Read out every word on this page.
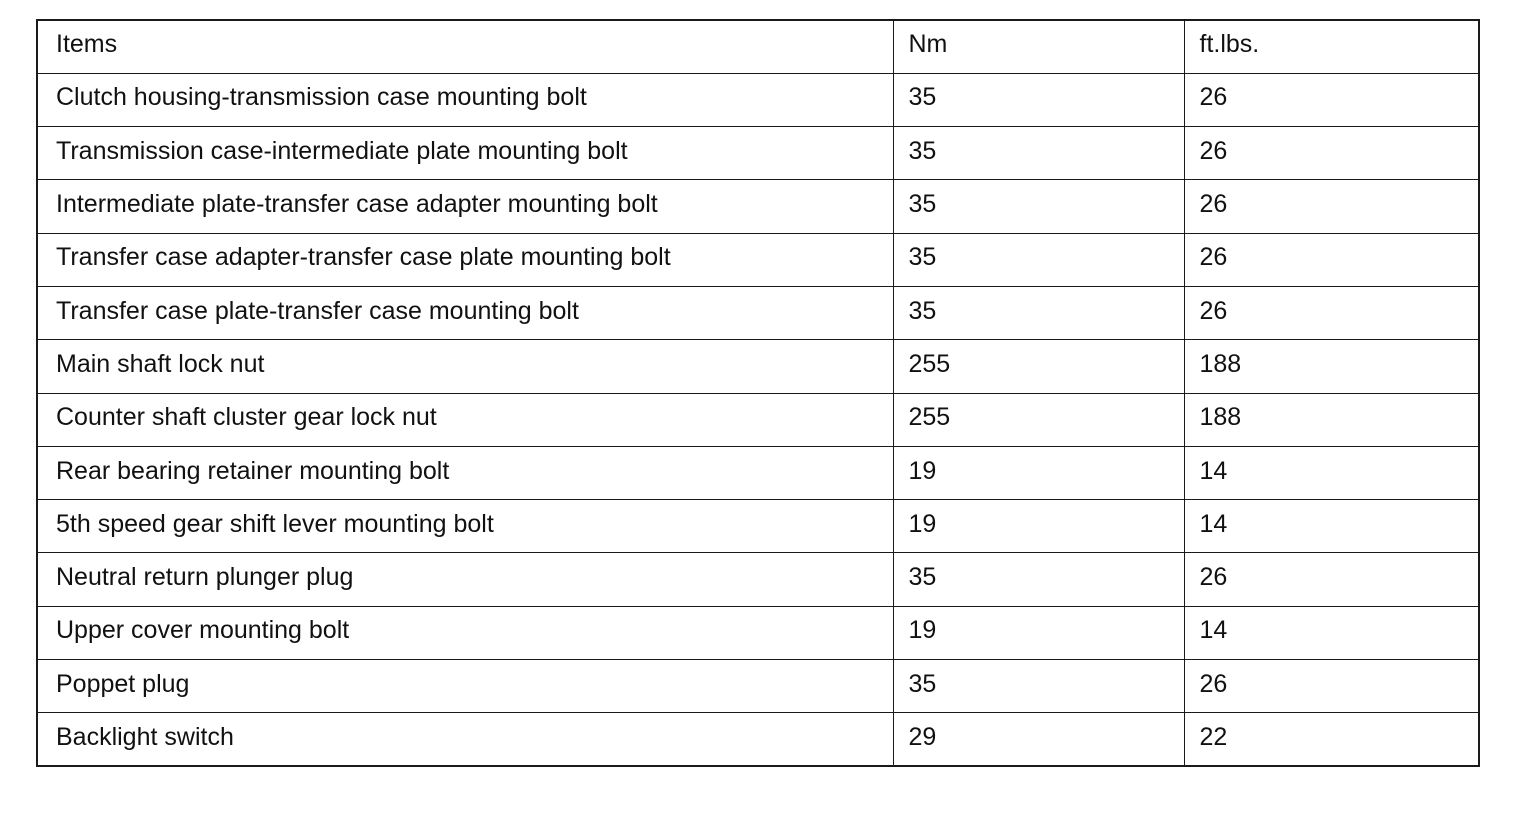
Items	Nm	ft.lbs.
Clutch housing-transmission case mounting bolt	35	26
Transmission case-intermediate plate mounting bolt	35	26
Intermediate plate-transfer case adapter mounting bolt	35	26
Transfer case adapter-transfer case plate mounting bolt	35	26
Transfer case plate-transfer case mounting bolt	35	26
Main shaft lock nut	255	188
Counter shaft cluster gear lock nut	255	188
Rear bearing retainer mounting bolt	19	14
5th speed gear shift lever mounting bolt	19	14
Neutral return plunger plug	35	26
Upper cover mounting bolt	19	14
Poppet plug	35	26
Backlight switch	29	22
